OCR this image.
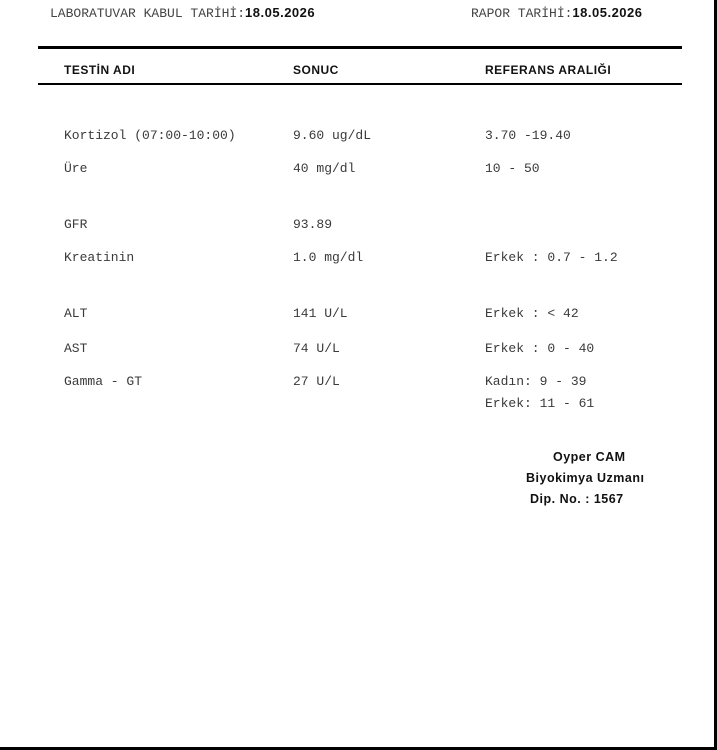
LABORATUVAR KABUL TARİHİ:18.05.2026	RAPOR TARİHİ:18.05.2026
TESTİN ADI	SONUC	REFERANS ARALIĞI
Kortizol (07:00-10:00)	9.60 ug/dL	3.70 -19.40
Üre	40 mg/dl	10 - 50
GFR	93.89
Kreatinin	1.0 mg/dl	Erkek : 0.7 - 1.2
ALT	141 U/L	Erkek : < 42
AST	74 U/L	Erkek : 0 - 40
Gamma - GT	27 U/L	Kadın: 9 - 39
Erkek: 11 - 61
Oyper CAM
Biyokimya Uzmanı
Dip. No. : 1567
